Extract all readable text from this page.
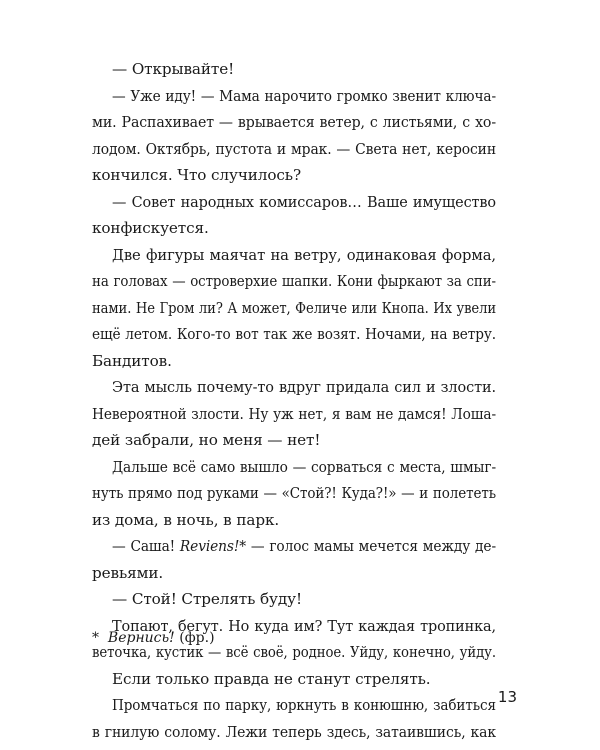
— Открывайте!
— Уже иду! — Мама нарочито громко звенит ключа-
ми. Распахивает — врывается ветер, с листьями, с хо-
лодом. Октябрь, пустота и мрак. — Света нет, керосин
кончился. Что случилось?
— Совет народных комиссаров… Ваше имущество
конфискуется.
Две фигуры маячат на ветру, одинаковая форма,
на головах — островерхие шапки. Кони фыркают за спи-
нами. Не Гром ли? А может, Феличе или Кнопа. Их увели
ещё летом. Кого-то вот так же возят. Ночами, на ветру.
Бандитов.
Эта мысль почему-то вдруг придала сил и злости.
Невероятной злости. Ну уж нет, я вам не дамся! Лоша-
дей забрали, но меня — нет!
Дальше всё само вышло — сорваться с места, шмыг-
нуть прямо под руками — «Стой?! Куда?!» — и полететь
из дома, в ночь, в парк.
— Саша! Reviens!* — голос мамы мечется между де-
ревьями.
— Стой! Стрелять буду!
Топают, бегут. Но куда им? Тут каждая тропинка,
веточка, кустик — всё своё, родное. Уйду, конечно, уйду.
Если только правда не станут стрелять.
Промчаться по парку, юркнуть в конюшню, забиться
в гнилую солому. Лежи теперь здесь, затаившись, как
* Вернись! (фр.)
13
